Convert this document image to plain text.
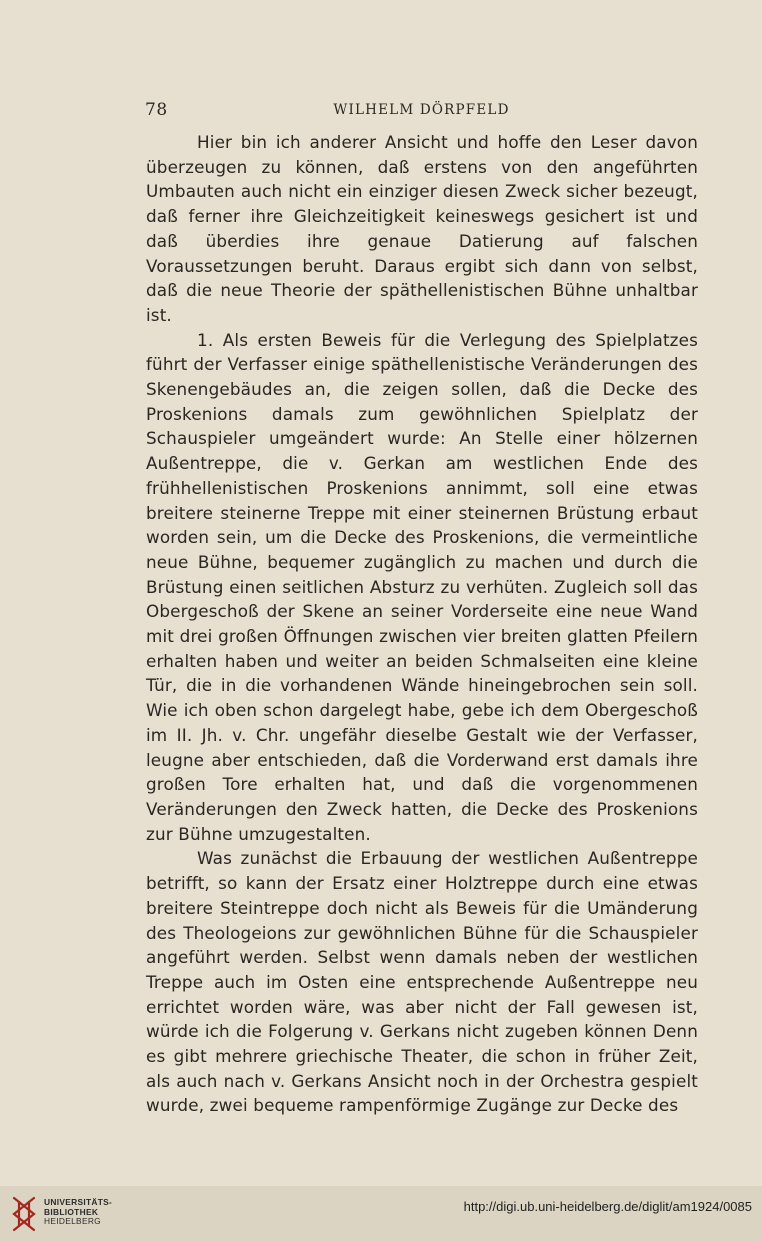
78	WILHELM DÖRPFELD

Hier bin ich anderer Ansicht und hoffe den Leser davon überzeugen zu können, daß erstens von den angeführten Umbauten auch nicht ein einziger diesen Zweck sicher bezeugt, daß ferner ihre Gleichzeitigkeit keineswegs gesichert ist und daß überdies ihre genaue Datierung auf falschen Voraussetzungen beruht. Daraus ergibt sich dann von selbst, daß die neue Theorie der späthellenistischen Bühne unhaltbar ist.

1. Als ersten Beweis für die Verlegung des Spielplatzes führt der Verfasser einige späthellenistische Veränderungen des Skenengebäudes an, die zeigen sollen, daß die Decke des Proskenions damals zum gewöhnlichen Spielplatz der Schauspieler umgeändert wurde: An Stelle einer hölzernen Außentreppe, die v. Gerkan am westlichen Ende des frühhellenistischen Proskenions annimmt, soll eine etwas breitere steinerne Treppe mit einer steinernen Brüstung erbaut worden sein, um die Decke des Proskenions, die vermeintliche neue Bühne, bequemer zugänglich zu machen und durch die Brüstung einen seitlichen Absturz zu verhüten. Zugleich soll das Obergeschoß der Skene an seiner Vorderseite eine neue Wand mit drei großen Öffnungen zwischen vier breiten glatten Pfeilern erhalten haben und weiter an beiden Schmalseiten eine kleine Tür, die in die vorhandenen Wände hineingebrochen sein soll. Wie ich oben schon dargelegt habe, gebe ich dem Obergeschoß im II. Jh. v. Chr. ungefähr dieselbe Gestalt wie der Verfasser, leugne aber entschieden, daß die Vorderwand erst damals ihre großen Tore erhalten hat, und daß die vorgenommenen Veränderungen den Zweck hatten, die Decke des Proskenions zur Bühne umzugestalten.

Was zunächst die Erbauung der westlichen Außentreppe betrifft, so kann der Ersatz einer Holztreppe durch eine etwas breitere Steintreppe doch nicht als Beweis für die Umänderung des Theologeions zur gewöhnlichen Bühne für die Schauspieler angeführt werden. Selbst wenn damals neben der westlichen Treppe auch im Osten eine entsprechende Außentreppe neu errichtet worden wäre, was aber nicht der Fall gewesen ist, würde ich die Folgerung v. Gerkans nicht zugeben können Denn es gibt mehrere griechische Theater, die schon in früher Zeit, als auch nach v. Gerkans Ansicht noch in der Orchestra gespielt wurde, zwei bequeme rampenförmige Zugänge zur Decke des

UNIVERSITÄTS-
BIBLIOTHEK
HEIDELBERG
http://digi.ub.uni-heidelberg.de/diglit/am1924/0085
